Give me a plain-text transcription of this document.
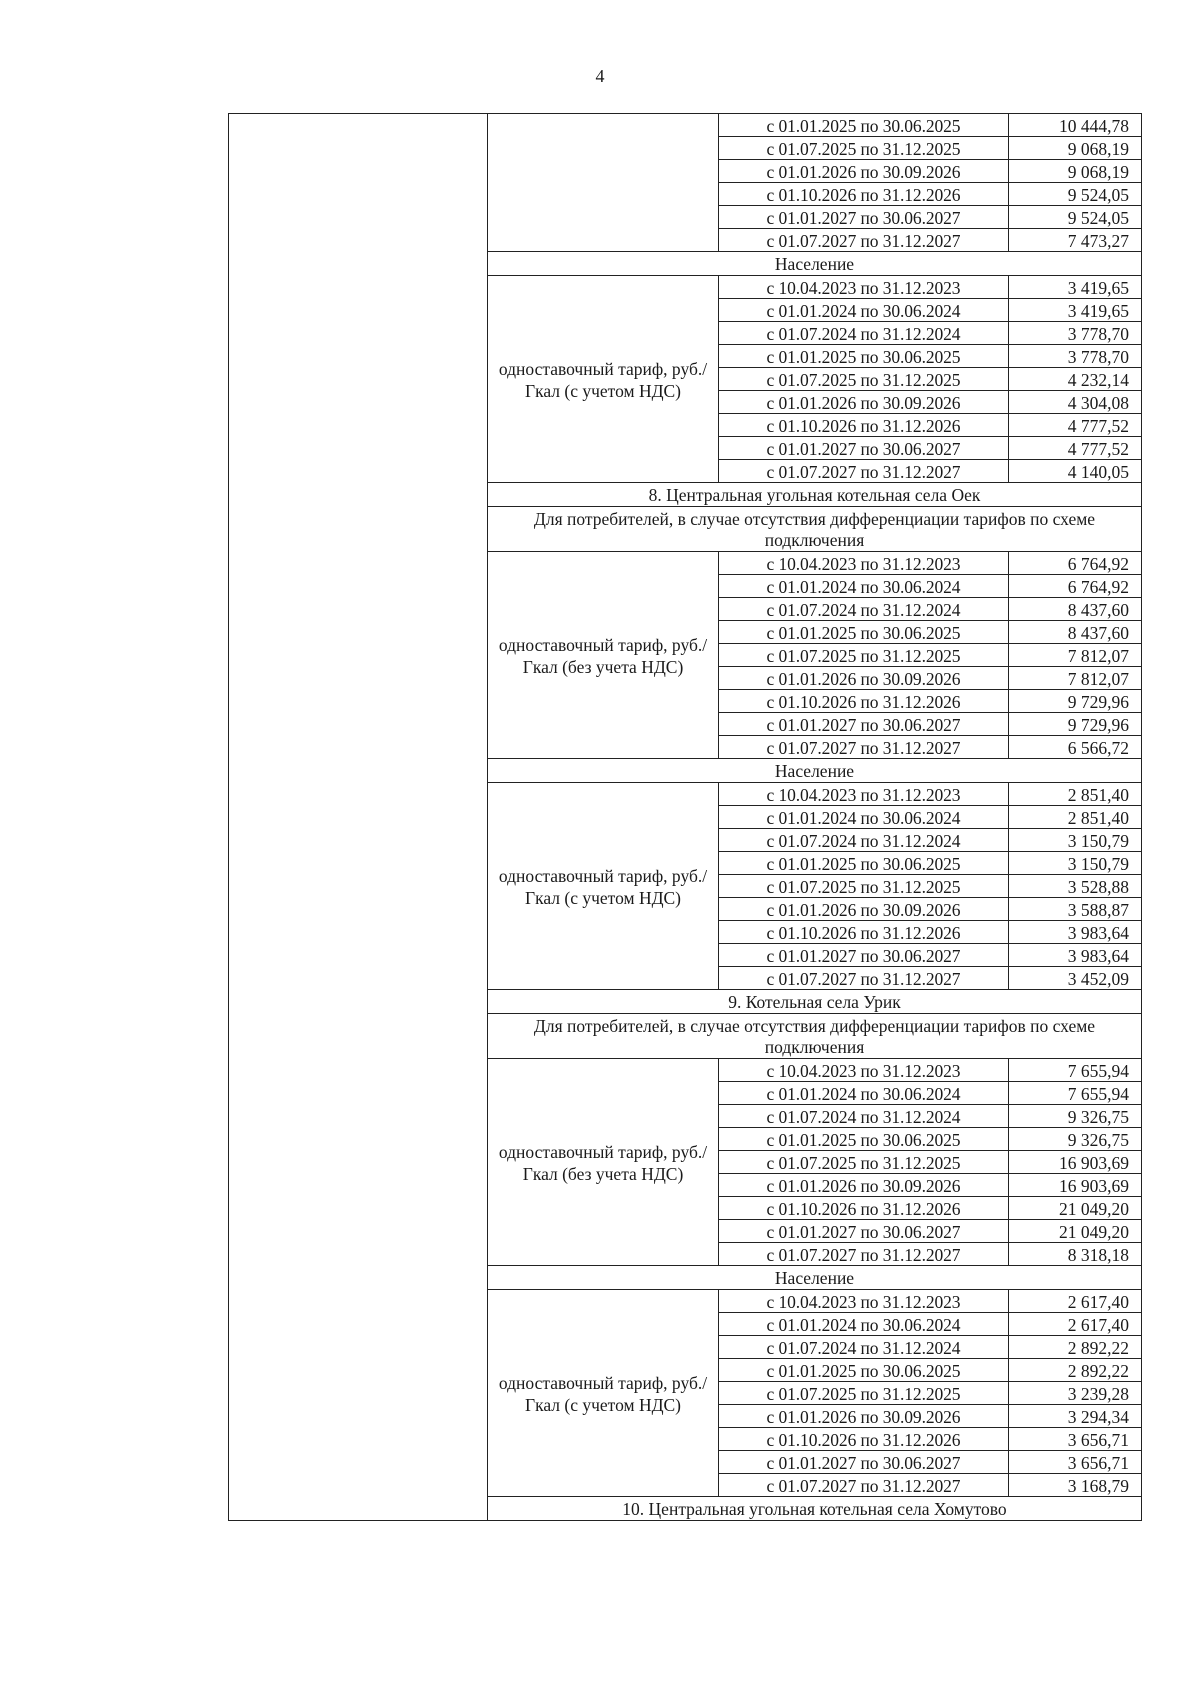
4
		с 01.01.2025 по 30.06.2025	10 444,78
		с 01.07.2025 по 31.12.2025	9 068,19
		с 01.01.2026 по 30.09.2026	9 068,19
		с 01.10.2026 по 31.12.2026	9 524,05
		с 01.01.2027 по 30.06.2027	9 524,05
		с 01.07.2027 по 31.12.2027	7 473,27
	Население		
	одноставочный тариф, руб./Гкал (с учетом НДС)	с 10.04.2023 по 31.12.2023	3 419,65
		с 01.01.2024 по 30.06.2024	3 419,65
		с 01.07.2024 по 31.12.2024	3 778,70
		с 01.01.2025 по 30.06.2025	3 778,70
		с 01.07.2025 по 31.12.2025	4 232,14
		с 01.01.2026 по 30.09.2026	4 304,08
		с 01.10.2026 по 31.12.2026	4 777,52
		с 01.01.2027 по 30.06.2027	4 777,52
		с 01.07.2027 по 31.12.2027	4 140,05
	8. Центральная угольная котельная села Оек		
	Для потребителей, в случае отсутствия дифференциации тарифов по схеме подключения		
	одноставочный тариф, руб./Гкал (без учета НДС)	с 10.04.2023 по 31.12.2023	6 764,92
		с 01.01.2024 по 30.06.2024	6 764,92
		с 01.07.2024 по 31.12.2024	8 437,60
		с 01.01.2025 по 30.06.2025	8 437,60
		с 01.07.2025 по 31.12.2025	7 812,07
		с 01.01.2026 по 30.09.2026	7 812,07
		с 01.10.2026 по 31.12.2026	9 729,96
		с 01.01.2027 по 30.06.2027	9 729,96
		с 01.07.2027 по 31.12.2027	6 566,72
	Население		
	одноставочный тариф, руб./Гкал (с учетом НДС)	с 10.04.2023 по 31.12.2023	2 851,40
		с 01.01.2024 по 30.06.2024	2 851,40
		с 01.07.2024 по 31.12.2024	3 150,79
		с 01.01.2025 по 30.06.2025	3 150,79
		с 01.07.2025 по 31.12.2025	3 528,88
		с 01.01.2026 по 30.09.2026	3 588,87
		с 01.10.2026 по 31.12.2026	3 983,64
		с 01.01.2027 по 30.06.2027	3 983,64
		с 01.07.2027 по 31.12.2027	3 452,09
	9. Котельная села Урик		
	Для потребителей, в случае отсутствия дифференциации тарифов по схеме подключения		
	одноставочный тариф, руб./Гкал (без учета НДС)	с 10.04.2023 по 31.12.2023	7 655,94
		с 01.01.2024 по 30.06.2024	7 655,94
		с 01.07.2024 по 31.12.2024	9 326,75
		с 01.01.2025 по 30.06.2025	9 326,75
		с 01.07.2025 по 31.12.2025	16 903,69
		с 01.01.2026 по 30.09.2026	16 903,69
		с 01.10.2026 по 31.12.2026	21 049,20
		с 01.01.2027 по 30.06.2027	21 049,20
		с 01.07.2027 по 31.12.2027	8 318,18
	Население		
	одноставочный тариф, руб./Гкал (с учетом НДС)	с 10.04.2023 по 31.12.2023	2 617,40
		с 01.01.2024 по 30.06.2024	2 617,40
		с 01.07.2024 по 31.12.2024	2 892,22
		с 01.01.2025 по 30.06.2025	2 892,22
		с 01.07.2025 по 31.12.2025	3 239,28
		с 01.01.2026 по 30.09.2026	3 294,34
		с 01.10.2026 по 31.12.2026	3 656,71
		с 01.01.2027 по 30.06.2027	3 656,71
		с 01.07.2027 по 31.12.2027	3 168,79
	10. Центральная угольная котельная села Хомутово		
